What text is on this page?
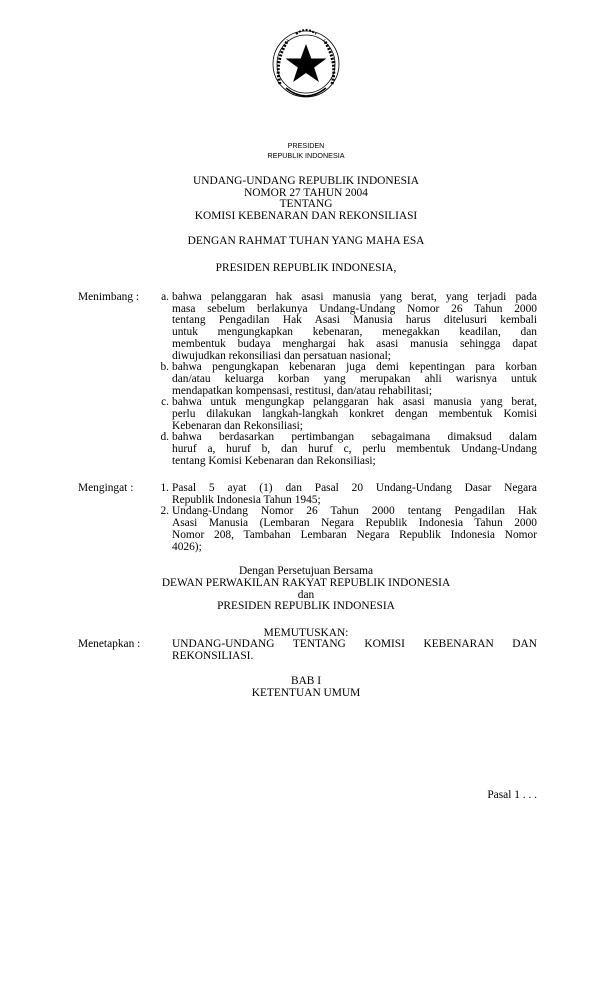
PRESIDEN
REPUBLIK INDONESIA
UNDANG-UNDANG REPUBLIK INDONESIA
NOMOR 27 TAHUN 2004
TENTANG
KOMISI KEBENARAN DAN REKONSILIASI
DENGAN RAHMAT TUHAN YANG MAHA ESA
PRESIDEN REPUBLIK INDONESIA,
Menimbang :	a. bahwa pelanggaran hak asasi manusia yang berat, yang terjadi pada
masa sebelum berlakunya Undang-Undang Nomor 26 Tahun 2000
tentang Pengadilan Hak Asasi Manusia harus ditelusuri kembali
untuk mengungkapkan kebenaran, menegakkan keadilan, dan
membentuk budaya menghargai hak asasi manusia sehingga dapat
diwujudkan rekonsiliasi dan persatuan nasional;
b. bahwa pengungkapan kebenaran juga demi kepentingan para korban
dan/atau keluarga korban yang merupakan ahli warisnya untuk
mendapatkan kompensasi, restitusi, dan/atau rehabilitasi;
c. bahwa untuk mengungkap pelanggaran hak asasi manusia yang berat,
perlu dilakukan langkah-langkah konkret dengan membentuk Komisi
Kebenaran dan Rekonsiliasi;
d. bahwa berdasarkan pertimbangan sebagaimana dimaksud dalam
huruf a, huruf b, dan huruf c, perlu membentuk Undang-Undang
tentang Komisi Kebenaran dan Rekonsiliasi;
Mengingat :	1. Pasal 5 ayat (1) dan Pasal 20 Undang-Undang Dasar Negara
Republik Indonesia Tahun 1945;
2. Undang-Undang Nomor 26 Tahun 2000 tentang Pengadilan Hak
Asasi Manusia (Lembaran Negara Republik Indonesia Tahun 2000
Nomor 208, Tambahan Lembaran Negara Republik Indonesia Nomor
4026);
Dengan Persetujuan Bersama
DEWAN PERWAKILAN RAKYAT REPUBLIK INDONESIA
dan
PRESIDEN REPUBLIK INDONESIA
MEMUTUSKAN:
Menetapkan :	UNDANG-UNDANG TENTANG KOMISI KEBENARAN DAN
REKONSILIASI.
BAB I
KETENTUAN UMUM
Pasal 1 . . .
